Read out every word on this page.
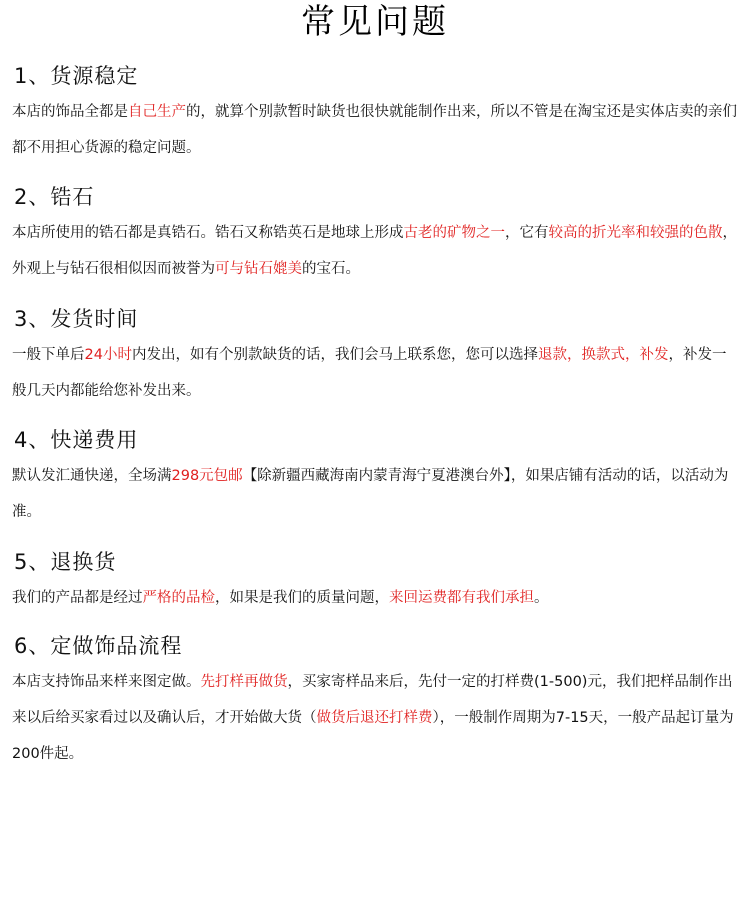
常见问题
1、货源稳定

本店的饰品全都是自己生产的，就算个别款暂时缺货也很快就能制作出来，所以不管是在淘宝还是实体店卖的亲们都不用担心货源的稳定问题。

2、锆石

本店所使用的锆石都是真锆石。锆石又称锆英石是地球上形成古老的矿物之一，它有较高的折光率和较强的色散，外观上与钻石很相似因而被誉为可与钻石媲美的宝石。

3、发货时间

一般下单后24小时内发出，如有个别款缺货的话，我们会马上联系您，您可以选择退款，换款式，补发，补发一般几天内都能给您补发出来。

4、快递费用

默认发汇通快递，全场满298元包邮【除新疆西藏海南内蒙青海宁夏港澳台外】，如果店铺有活动的话，以活动为准。

5、退换货

我们的产品都是经过严格的品检，如果是我们的质量问题，来回运费都有我们承担。

6、定做饰品流程

本店支持饰品来样来图定做。先打样再做货，买家寄样品来后，先付一定的打样费(1-500)元，我们把样品制作出来以后给买家看过以及确认后，才开始做大货（做货后退还打样费），一般制作周期为7-15天，一般产品起订量为200件起。
